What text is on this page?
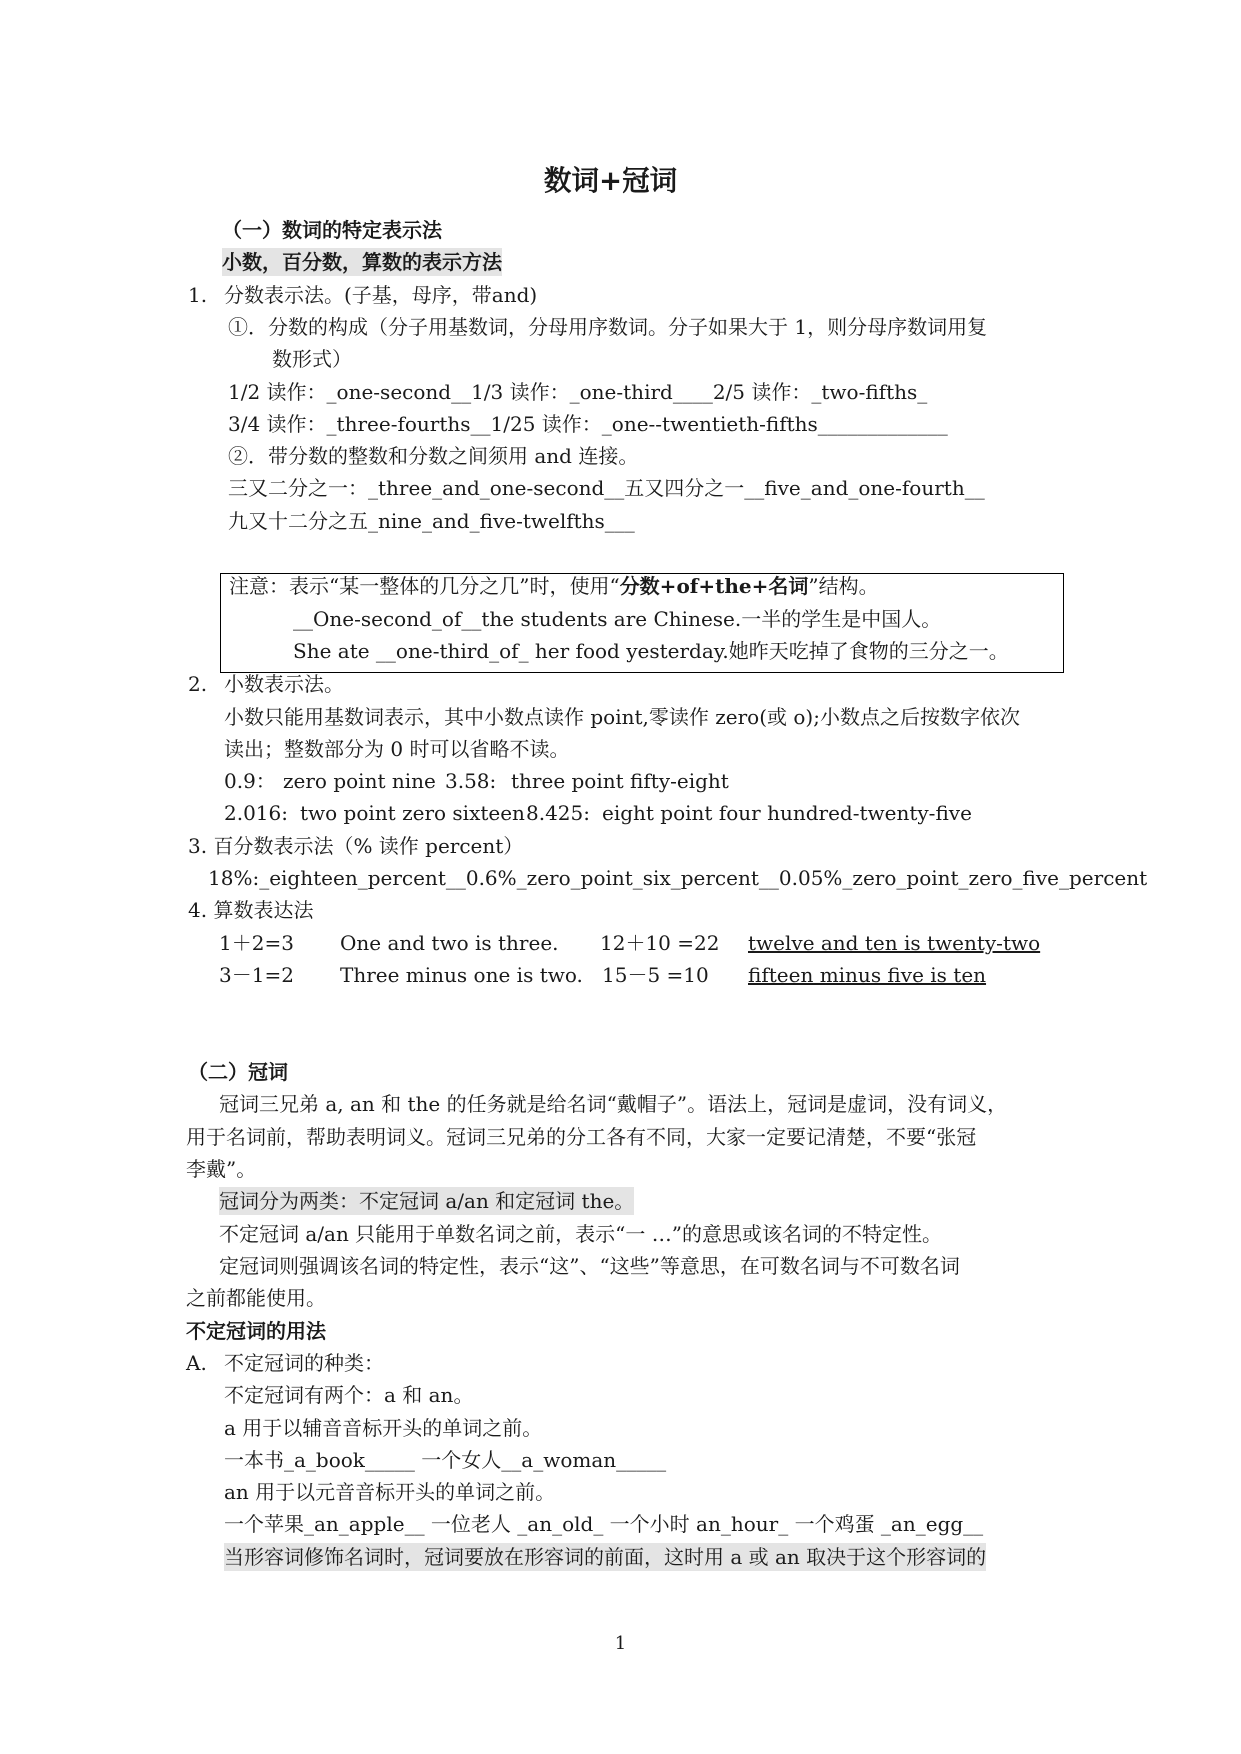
数词+冠词
（一）数词的特定表示法
小数，百分数，算数的表示方法
1. 分数表示法。(子基，母序，带and)
①．分数的构成（分子用基数词，分母用序数词。分子如果大于 1，则分母序数词用复
数形式）
1/2 读作：_one-second__1/3 读作：_one-third____2/5 读作：_two-fifths_
3/4 读作：_three-fourths__1/25 读作：_one--twentieth-fifths_____________
②．带分数的整数和分数之间须用 and 连接。
三又二分之一：_three_and_one-second__五又四分之一__five_and_one-fourth__
九又十二分之五_nine_and_five-twelfths___
注意：表示“某一整体的几分之几”时，使用“分数+of+the+名词”结构。
__One-second_of__the students are Chinese.一半的学生是中国人。
She ate __one-third_of_ her food yesterday.她昨天吃掉了食物的三分之一。
2. 小数表示法。
小数只能用基数词表示，其中小数点读作 point,零读作 zero(或 o);小数点之后按数字依次
读出；整数部分为 0 时可以省略不读。
0.9： zero point nine 3.58: three point fifty-eight
2.016: two point zero sixteen 8.425: eight point four hundred-twenty-five
3. 百分数表示法（% 读作 percent）
18%:_eighteen_percent__0.6%_zero_point_six_percent__0.05%_zero_point_zero_five_percent
4. 算数表达法
1＋2=3 One and two is three. 12＋10 =22 twelve and ten is twenty-two
3－1=2 Three minus one is two. 15－5 =10 fifteen minus five is ten
（二）冠词
冠词三兄弟 a, an 和 the 的任务就是给名词“戴帽子”。语法上，冠词是虚词，没有词义，
用于名词前，帮助表明词义。冠词三兄弟的分工各有不同，大家一定要记清楚，不要“张冠
李戴”。
冠词分为两类：不定冠词 a/an 和定冠词 the。
不定冠词 a/an 只能用于单数名词之前，表示“一 …”的意思或该名词的不特定性。
定冠词则强调该名词的特定性，表示“这”、“这些”等意思，在可数名词与不可数名词
之前都能使用。
不定冠词的用法
A. 不定冠词的种类：
不定冠词有两个：a 和 an。
a 用于以辅音音标开头的单词之前。
一本书_a_book_____ 一个女人__a_woman_____
an 用于以元音音标开头的单词之前。
一个苹果_an_apple__ 一位老人 _an_old_ 一个小时 an_hour_ 一个鸡蛋 _an_egg__
当形容词修饰名词时，冠词要放在形容词的前面，这时用 a 或 an 取决于这个形容词的
1
